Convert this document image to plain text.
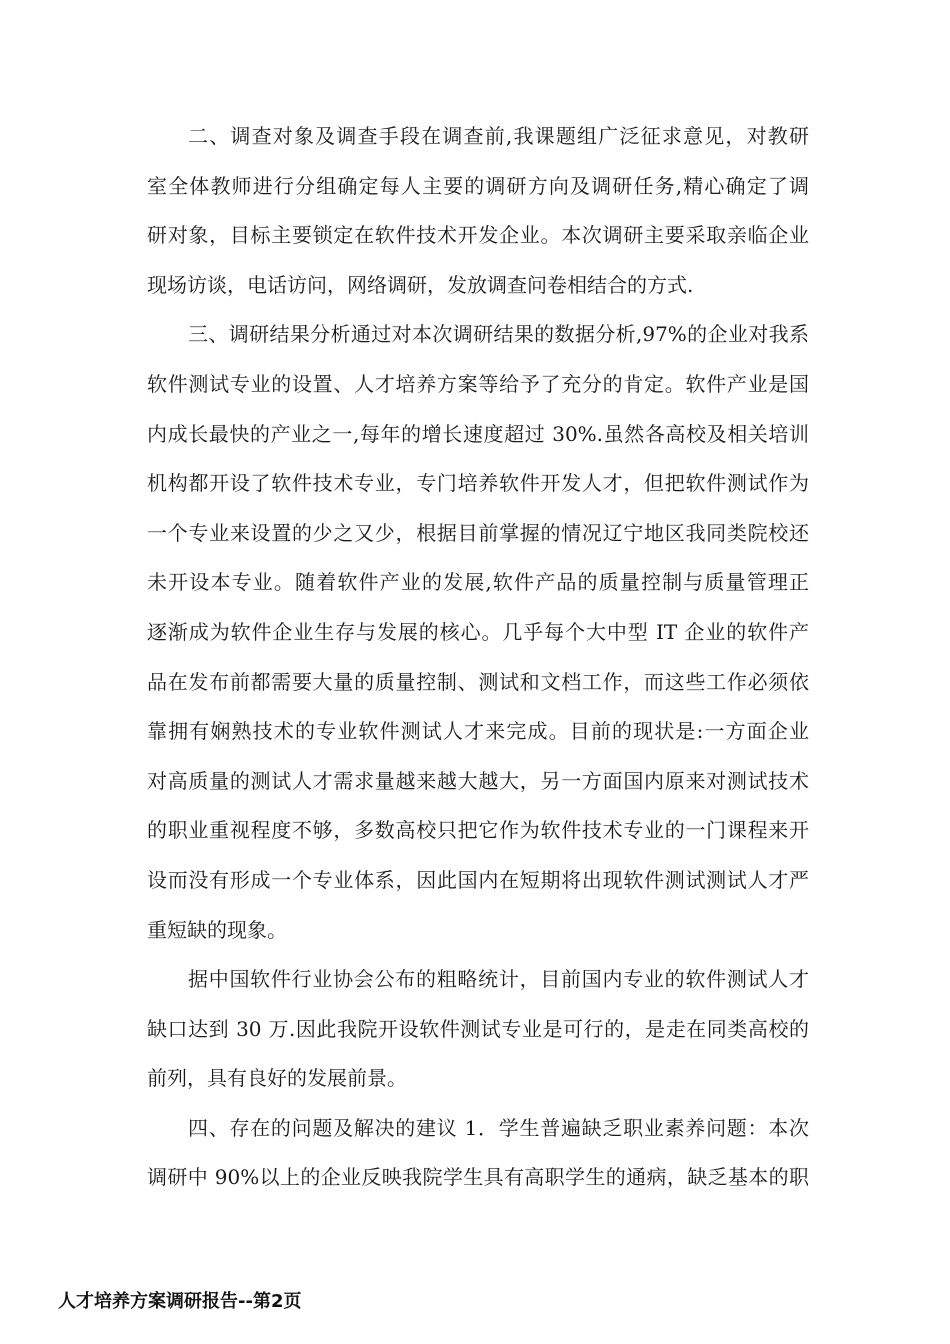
二、调查对象及调查手段在调查前,我课题组广泛征求意见，对教研
室全体教师进行分组确定每人主要的调研方向及调研任务,精心确定了调
研对象，目标主要锁定在软件技术开发企业。本次调研主要采取亲临企业
现场访谈，电话访问，网络调研，发放调查问卷相结合的方式.
三、调研结果分析通过对本次调研结果的数据分析,97%的企业对我系
软件测试专业的设置、人才培养方案等给予了充分的肯定。软件产业是国
内成长最快的产业之一,每年的增长速度超过 30%.虽然各高校及相关培训
机构都开设了软件技术专业，专门培养软件开发人才，但把软件测试作为
一个专业来设置的少之又少，根据目前掌握的情况辽宁地区我同类院校还
未开设本专业。随着软件产业的发展,软件产品的质量控制与质量管理正
逐渐成为软件企业生存与发展的核心。几乎每个大中型 IT 企业的软件产
品在发布前都需要大量的质量控制、测试和文档工作，而这些工作必须依
靠拥有娴熟技术的专业软件测试人才来完成。目前的现状是:一方面企业
对高质量的测试人才需求量越来越大越大，另一方面国内原来对测试技术
的职业重视程度不够，多数高校只把它作为软件技术专业的一门课程来开
设而没有形成一个专业体系，因此国内在短期将出现软件测试测试人才严
重短缺的现象。
据中国软件行业协会公布的粗略统计，目前国内专业的软件测试人才
缺口达到 30 万.因此我院开设软件测试专业是可行的，是走在同类高校的
前列，具有良好的发展前景。
四、存在的问题及解决的建议 1．学生普遍缺乏职业素养问题：本次
调研中 90%以上的企业反映我院学生具有高职学生的通病，缺乏基本的职
人才培养方案调研报告--第2页
